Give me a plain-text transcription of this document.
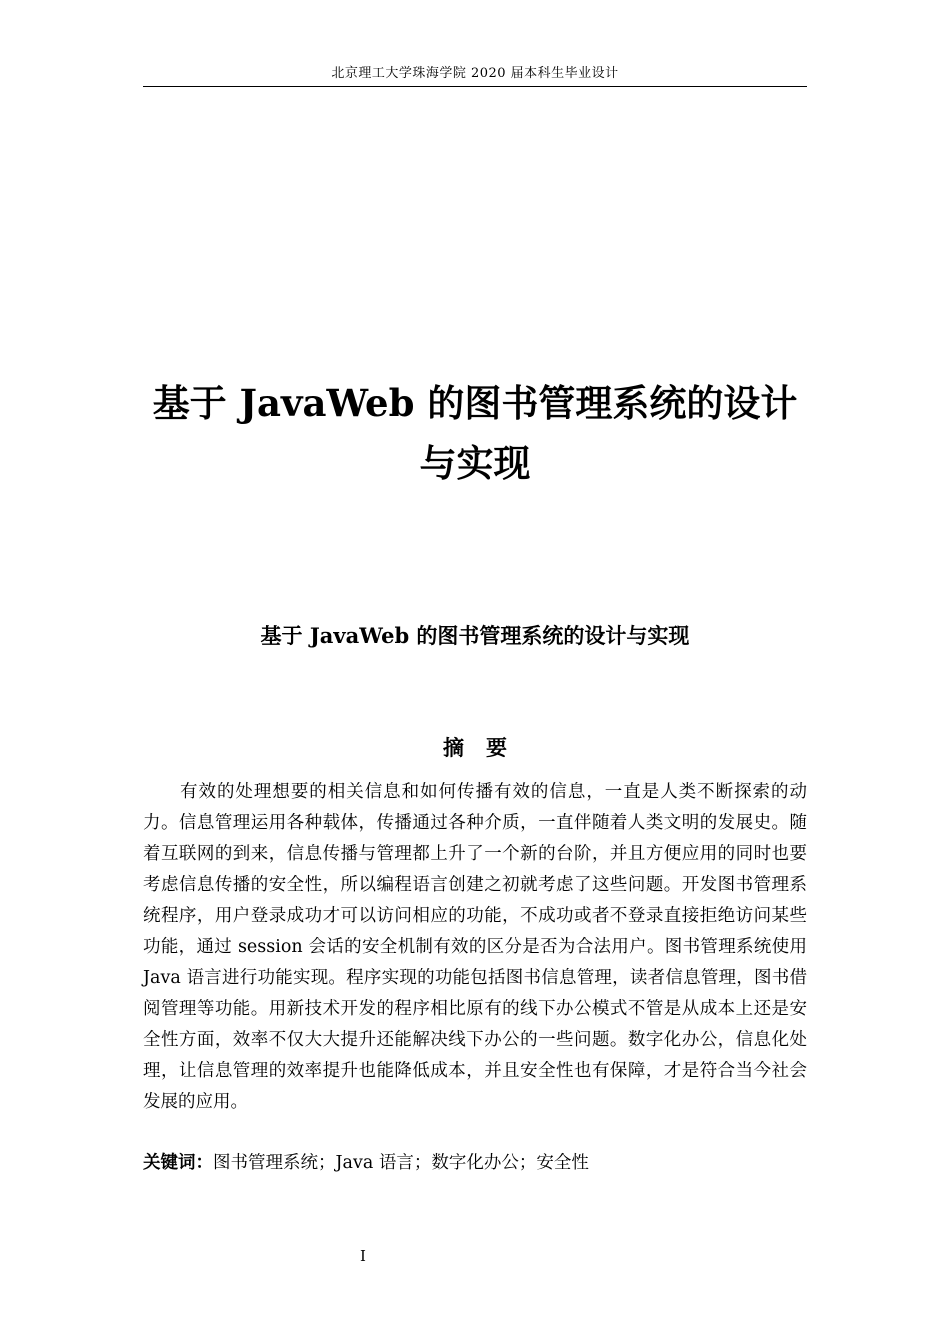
北京理工大学珠海学院 2020 届本科生毕业设计
基于 JavaWeb 的图书管理系统的设计
与实现
基于 JavaWeb 的图书管理系统的设计与实现
摘要

有效的处理想要的相关信息和如何传播有效的信息，一直是人类不断探索的动力。信息管理运用各种载体，传播通过各种介质，一直伴随着人类文明的发展史。随着互联网的到来，信息传播与管理都上升了一个新的台阶，并且方便应用的同时也要考虑信息传播的安全性，所以编程语言创建之初就考虑了这些问题。开发图书管理系统程序，用户登录成功才可以访问相应的功能，不成功或者不登录直接拒绝访问某些功能，通过 session 会话的安全机制有效的区分是否为合法用户。图书管理系统使用 Java 语言进行功能实现。程序实现的功能包括图书信息管理，读者信息管理，图书借阅管理等功能。用新技术开发的程序相比原有的线下办公模式不管是从成本上还是安全性方面，效率不仅大大提升还能解决线下办公的一些问题。数字化办公，信息化处理，让信息管理的效率提升也能降低成本，并且安全性也有保障，才是符合当今社会发展的应用。

关键词：图书管理系统；Java 语言；数字化办公；安全性
I
